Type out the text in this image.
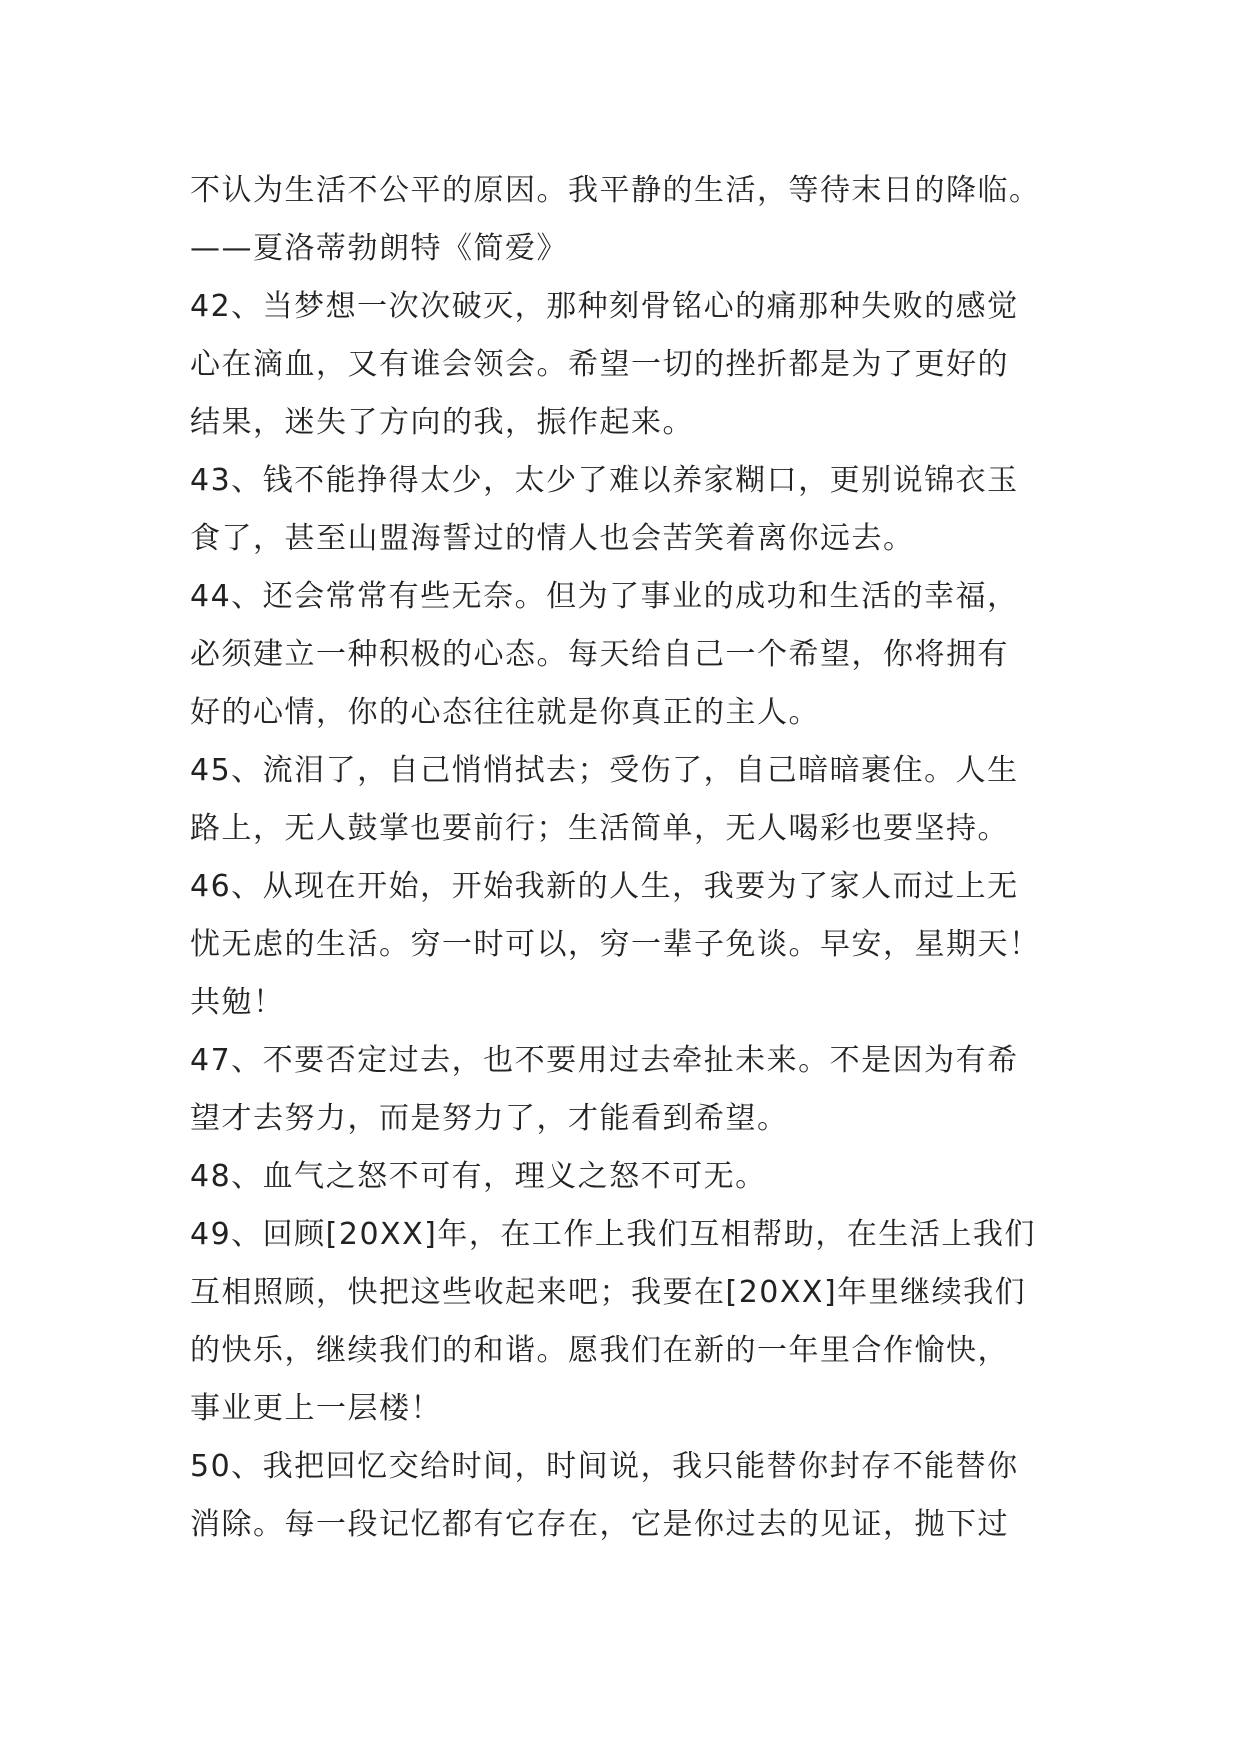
不认为生活不公平的原因。我平静的生活，等待末日的降临。
——夏洛蒂勃朗特《简爱》
42、当梦想一次次破灭，那种刻骨铭心的痛那种失败的感觉
心在滴血，又有谁会领会。希望一切的挫折都是为了更好的
结果，迷失了方向的我，振作起来。
43、钱不能挣得太少，太少了难以养家糊口，更别说锦衣玉
食了，甚至山盟海誓过的情人也会苦笑着离你远去。
44、还会常常有些无奈。但为了事业的成功和生活的幸福，
必须建立一种积极的心态。每天给自己一个希望，你将拥有
好的心情，你的心态往往就是你真正的主人。
45、流泪了，自己悄悄拭去；受伤了，自己暗暗裹住。人生
路上，无人鼓掌也要前行；生活简单，无人喝彩也要坚持。
46、从现在开始，开始我新的人生，我要为了家人而过上无
忧无虑的生活。穷一时可以，穷一辈子免谈。早安，星期天！
共勉！
47、不要否定过去，也不要用过去牵扯未来。不是因为有希
望才去努力，而是努力了，才能看到希望。
48、血气之怒不可有，理义之怒不可无。
49、回顾[20XX]年，在工作上我们互相帮助，在生活上我们
互相照顾，快把这些收起来吧；我要在[20XX]年里继续我们
的快乐，继续我们的和谐。愿我们在新的一年里合作愉快，
事业更上一层楼！
50、我把回忆交给时间，时间说，我只能替你封存不能替你
消除。每一段记忆都有它存在，它是你过去的见证，抛下过
